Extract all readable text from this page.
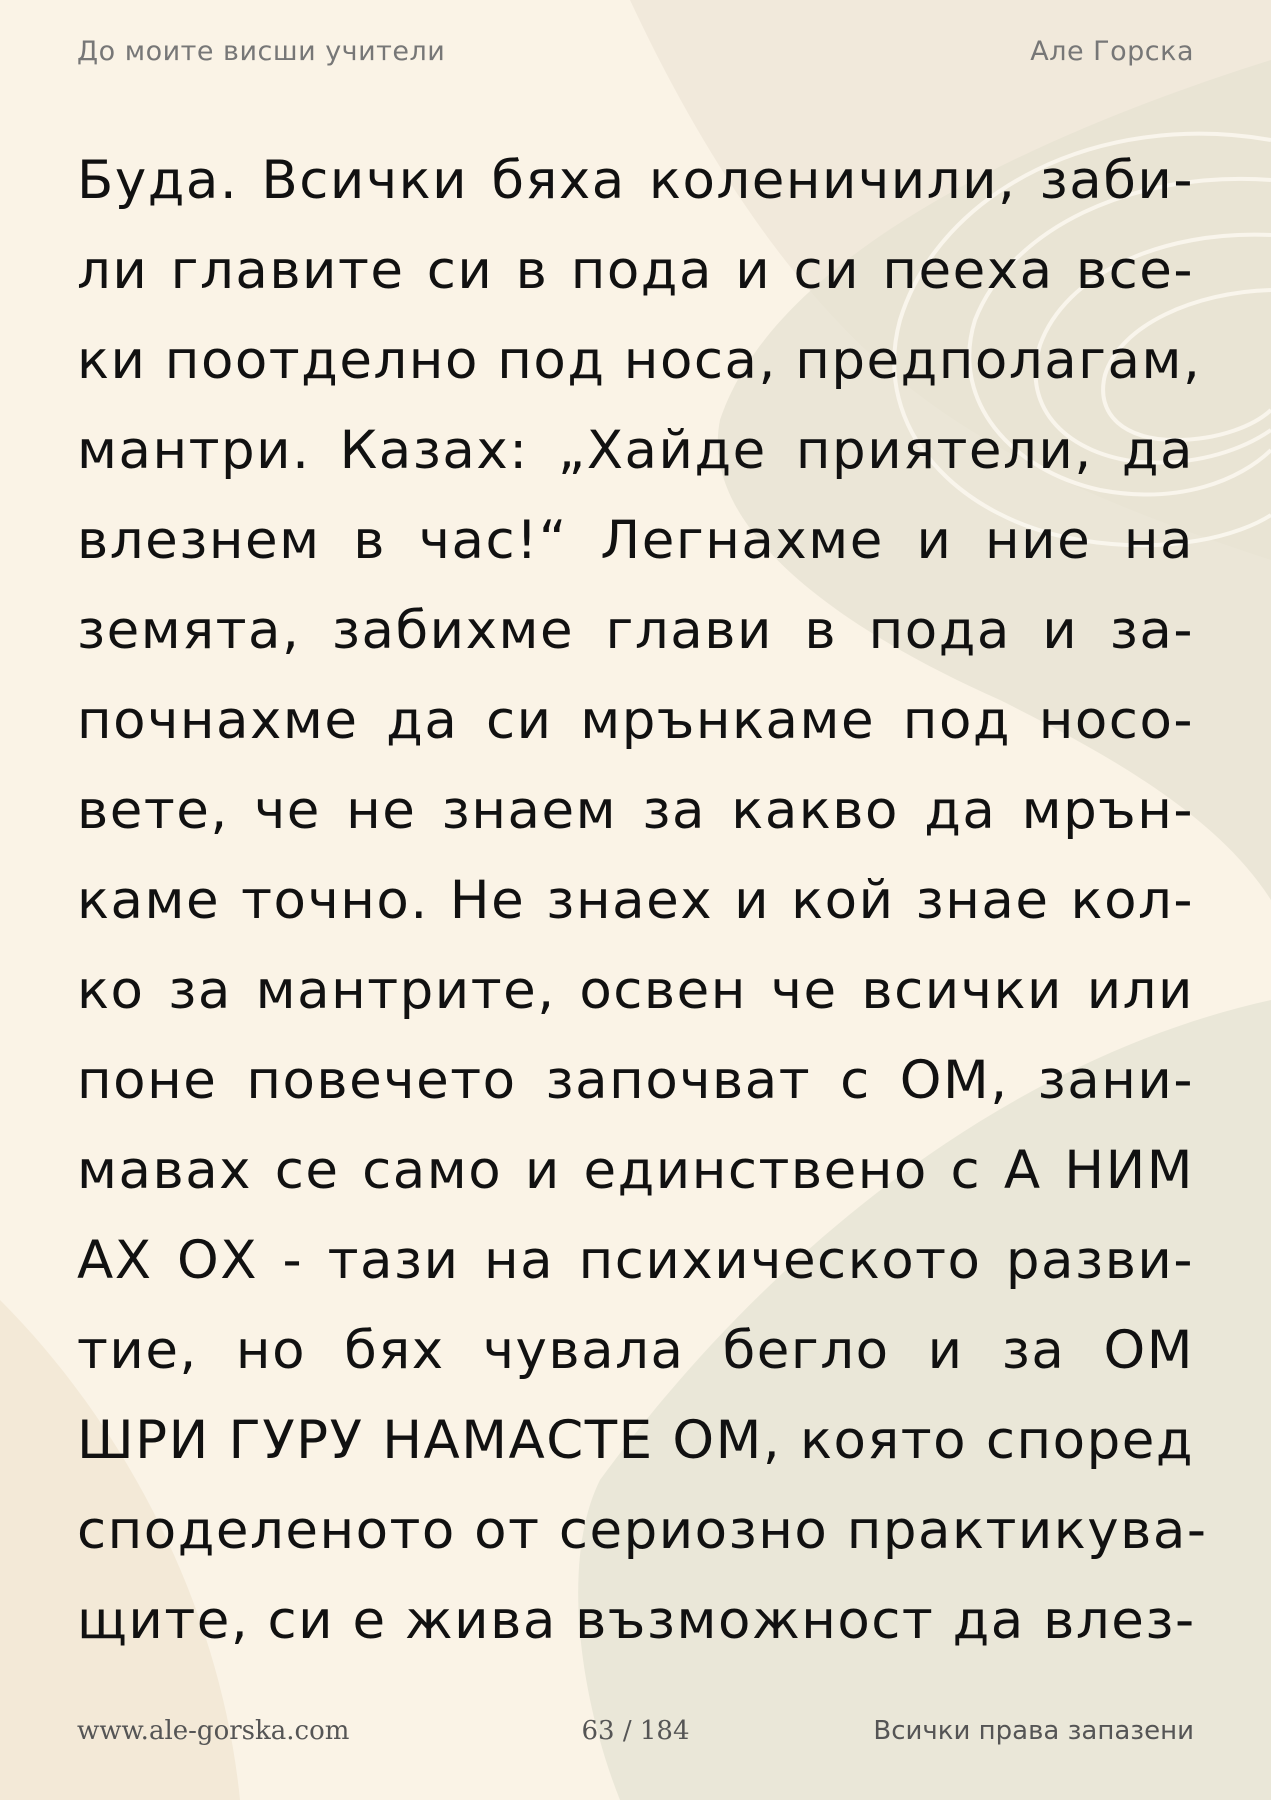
До моите висши учители	Але Горска
Буда. Всички бяха коленичили, заби-
ли главите си в пода и си пееха все-
ки поотделно под носа, предполагам,
мантри. Казах: „Хайде приятели, да
влезнем в час!“ Легнахме и ние на
земята, забихме глави в пода и за-
почнахме да си мрънкаме под носо-
вете, че не знаем за какво да мрън-
каме точно. Не знаех и кой знае кол-
ко за мантрите, освен че всички или
поне повечето започват с ОМ, зани-
мавах се само и единствено с А НИМ
АХ ОХ - тази на психическото разви-
тие, но бях чувала бегло и за ОМ
ШРИ ГУРУ НАМАСТЕ ОМ, която според
споделеното от сериозно практикува-
щите, си е жива възможност да влез-
www.ale-gorska.com	63 / 184	Всички права запазени
